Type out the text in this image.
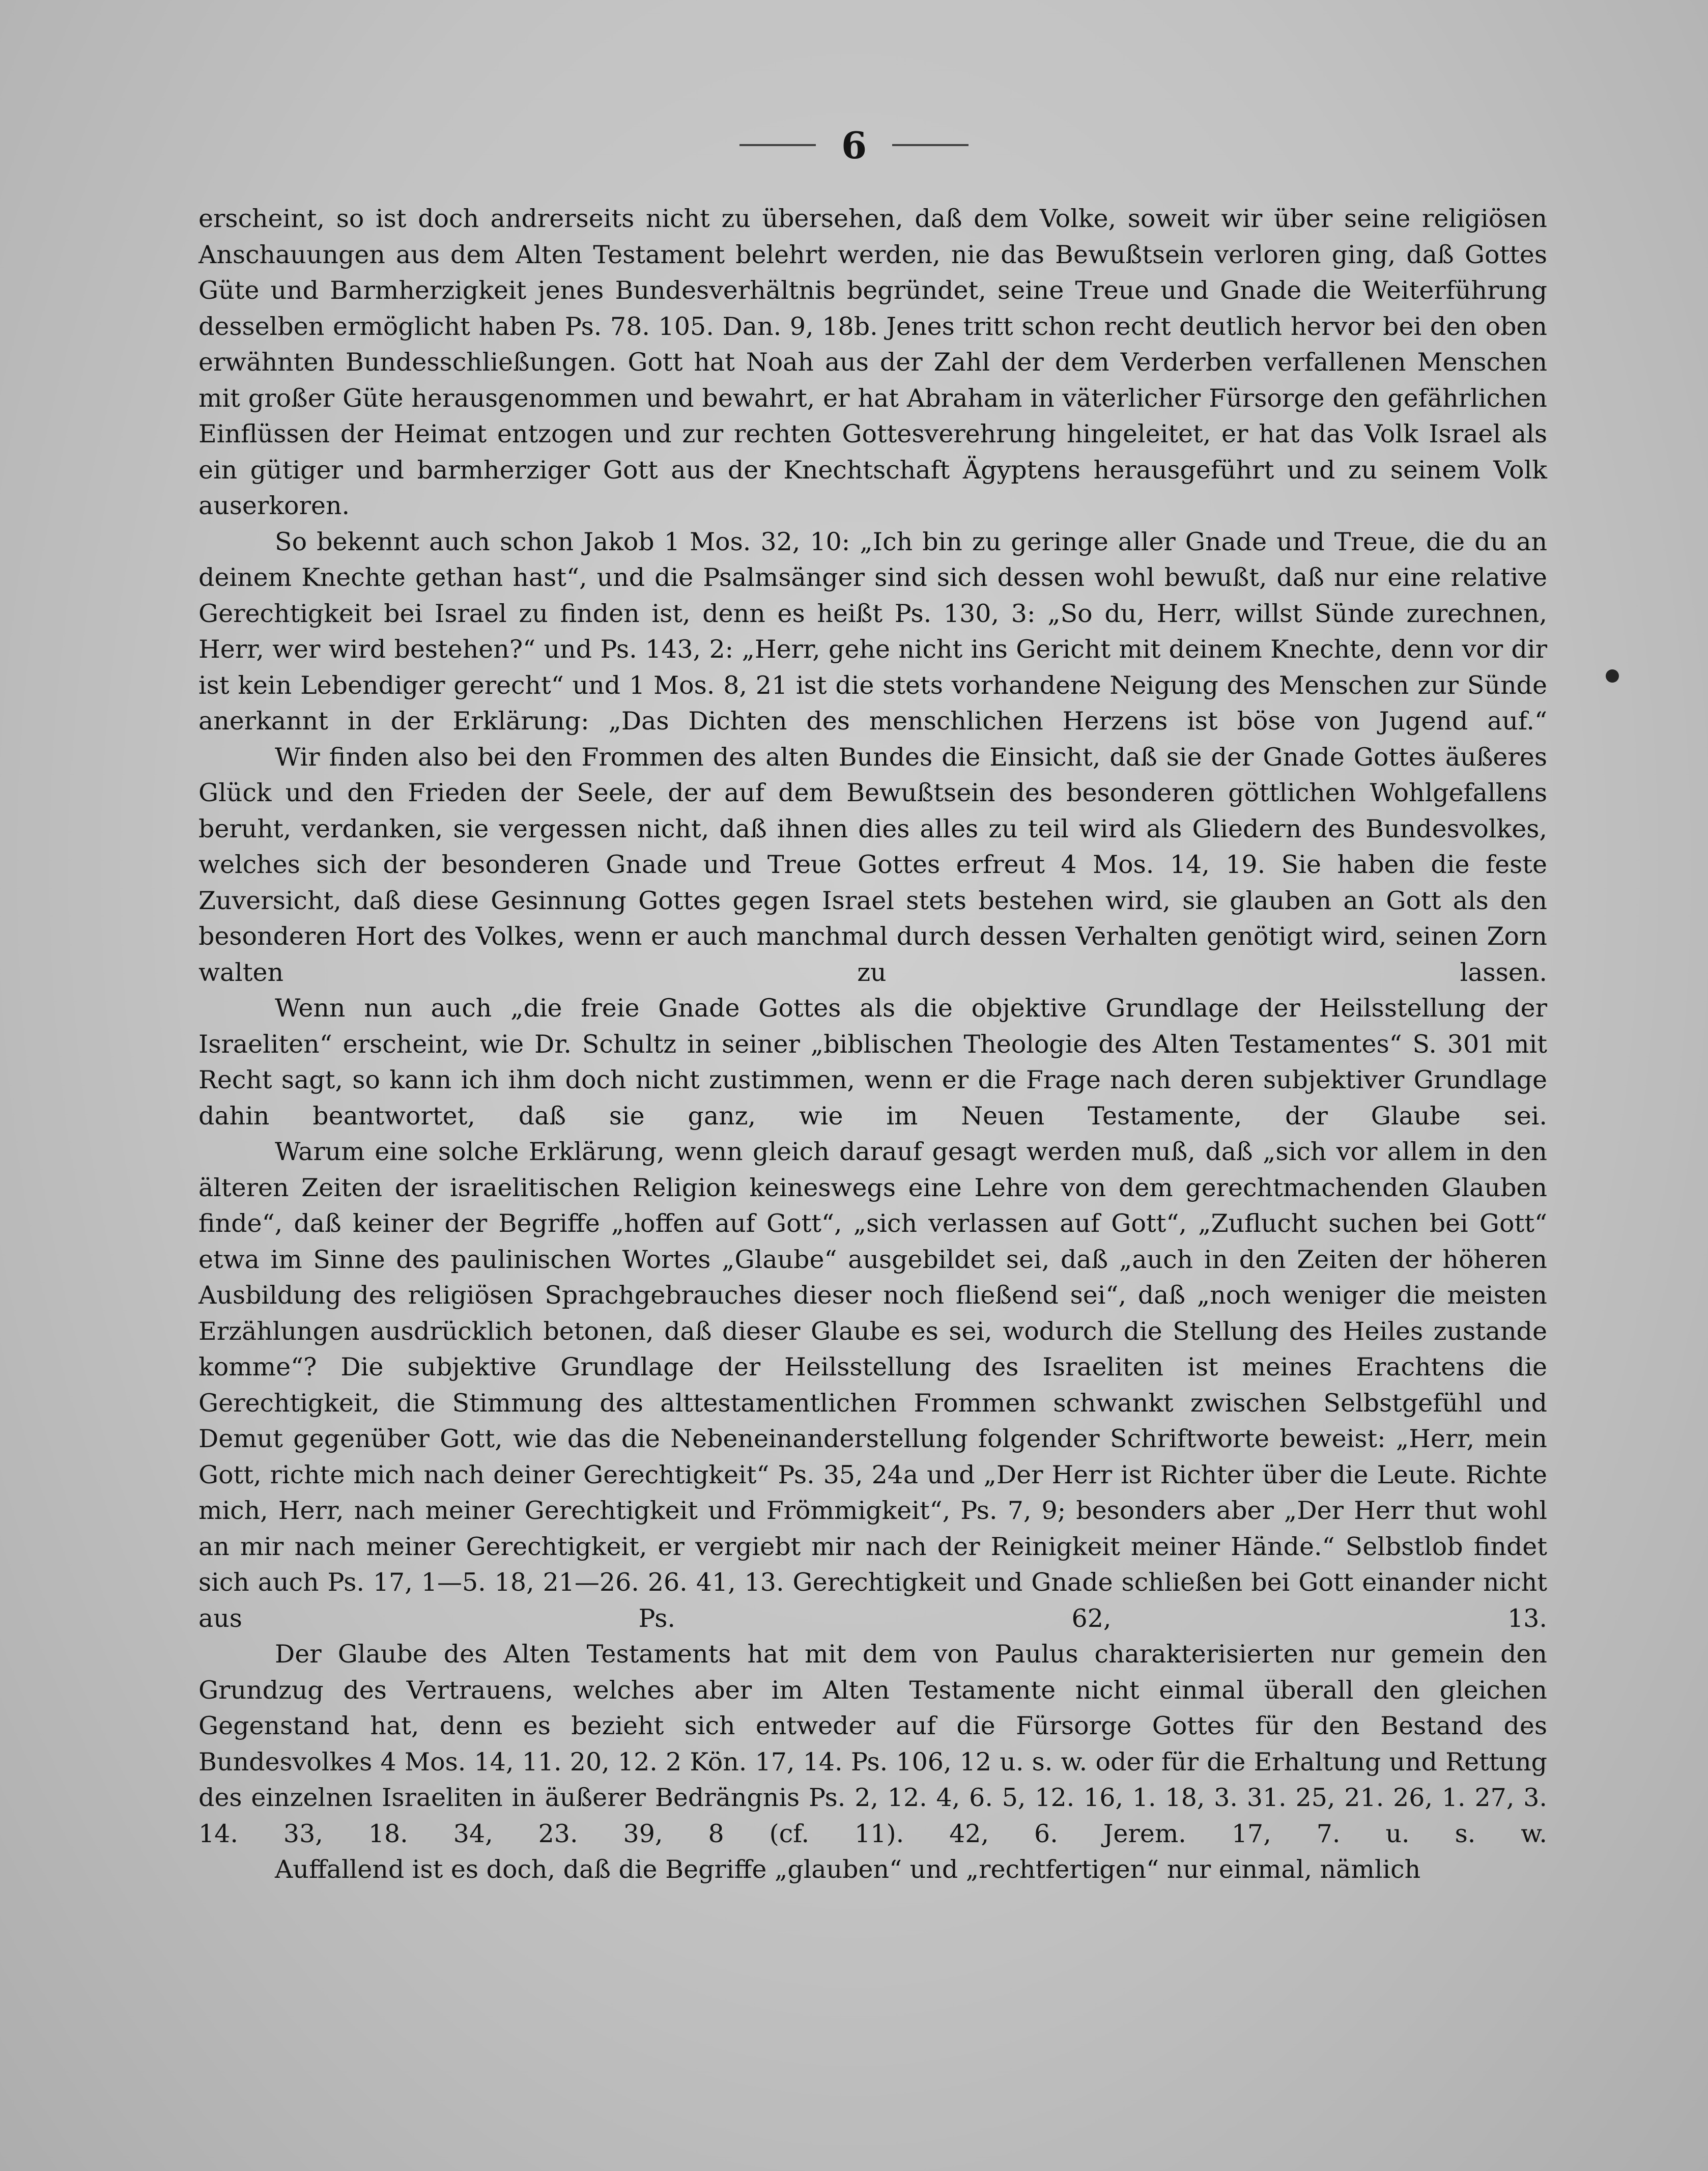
6

erscheint, so ist doch andrerseits nicht zu übersehen, daß dem Volke, soweit wir über seine religiösen Anschauungen aus dem Alten Testament belehrt werden, nie das Bewußtsein verloren ging, daß Gottes Güte und Barmherzigkeit jenes Bundesverhältnis begründet, seine Treue und Gnade die Weiterführung desselben ermöglicht haben Ps. 78. 105. Dan. 9, 18b. Jenes tritt schon recht deutlich hervor bei den oben erwähnten Bundesschließungen. Gott hat Noah aus der Zahl der dem Verderben verfallenen Menschen mit großer Güte herausgenommen und bewahrt, er hat Abraham in väterlicher Fürsorge den gefährlichen Einflüssen der Heimat entzogen und zur rechten Gottesverehrung hingeleitet, er hat das Volk Israel als ein gütiger und barmherziger Gott aus der Knechtschaft Ägyptens herausgeführt und zu seinem Volk auserkoren.

So bekennt auch schon Jakob 1 Mos. 32, 10: „Ich bin zu geringe aller Gnade und Treue, die du an deinem Knechte gethan hast“, und die Psalmsänger sind sich dessen wohl bewußt, daß nur eine relative Gerechtigkeit bei Israel zu finden ist, denn es heißt Ps. 130, 3: „So du, Herr, willst Sünde zurechnen, Herr, wer wird bestehen?“ und Ps. 143, 2: „Herr, gehe nicht ins Gericht mit deinem Knechte, denn vor dir ist kein Lebendiger gerecht“ und 1 Mos. 8, 21 ist die stets vorhandene Neigung des Menschen zur Sünde anerkannt in der Erklärung: „Das Dichten des menschlichen Herzens ist böse von Jugend auf.“

Wir finden also bei den Frommen des alten Bundes die Einsicht, daß sie der Gnade Gottes äußeres Glück und den Frieden der Seele, der auf dem Bewußtsein des besonderen göttlichen Wohlgefallens beruht, verdanken, sie vergessen nicht, daß ihnen dies alles zu teil wird als Gliedern des Bundesvolkes, welches sich der besonderen Gnade und Treue Gottes erfreut 4 Mos. 14, 19. Sie haben die feste Zuversicht, daß diese Gesinnung Gottes gegen Israel stets bestehen wird, sie glauben an Gott als den besonderen Hort des Volkes, wenn er auch manchmal durch dessen Verhalten genötigt wird, seinen Zorn walten zu lassen.

Wenn nun auch „die freie Gnade Gottes als die objektive Grundlage der Heilsstellung der Israeliten“ erscheint, wie Dr. Schultz in seiner „biblischen Theologie des Alten Testamentes“ S. 301 mit Recht sagt, so kann ich ihm doch nicht zustimmen, wenn er die Frage nach deren subjektiver Grundlage dahin beantwortet, daß sie ganz, wie im Neuen Testamente, der Glaube sei.

Warum eine solche Erklärung, wenn gleich darauf gesagt werden muß, daß „sich vor allem in den älteren Zeiten der israelitischen Religion keineswegs eine Lehre von dem gerechtmachenden Glauben finde“, daß keiner der Begriffe „hoffen auf Gott“, „sich verlassen auf Gott“, „Zuflucht suchen bei Gott“ etwa im Sinne des paulinischen Wortes „Glaube“ ausgebildet sei, daß „auch in den Zeiten der höheren Ausbildung des religiösen Sprachgebrauches dieser noch fließend sei“, daß „noch weniger die meisten Erzählungen ausdrücklich betonen, daß dieser Glaube es sei, wodurch die Stellung des Heiles zustande komme“? Die subjektive Grundlage der Heilsstellung des Israeliten ist meines Erachtens die Gerechtigkeit, die Stimmung des alttestamentlichen Frommen schwankt zwischen Selbstgefühl und Demut gegenüber Gott, wie das die Nebeneinanderstellung folgender Schriftworte beweist: „Herr, mein Gott, richte mich nach deiner Gerechtigkeit“ Ps. 35, 24a und „Der Herr ist Richter über die Leute. Richte mich, Herr, nach meiner Gerechtigkeit und Frömmigkeit“, Ps. 7, 9; besonders aber „Der Herr thut wohl an mir nach meiner Gerechtigkeit, er vergiebt mir nach der Reinigkeit meiner Hände.“ Selbstlob findet sich auch Ps. 17, 1—5. 18, 21—26. 26. 41, 13. Gerechtigkeit und Gnade schließen bei Gott einander nicht aus Ps. 62, 13.

Der Glaube des Alten Testaments hat mit dem von Paulus charakterisierten nur gemein den Grundzug des Vertrauens, welches aber im Alten Testamente nicht einmal überall den gleichen Gegenstand hat, denn es bezieht sich entweder auf die Fürsorge Gottes für den Bestand des Bundesvolkes 4 Mos. 14, 11. 20, 12. 2 Kön. 17, 14. Ps. 106, 12 u. s. w. oder für die Erhaltung und Rettung des einzelnen Israeliten in äußerer Bedrängnis Ps. 2, 12. 4, 6. 5, 12. 16, 1. 18, 3. 31. 25, 21. 26, 1. 27, 3. 14. 33, 18. 34, 23. 39, 8 (cf. 11). 42, 6. Jerem. 17, 7. u. s. w.

Auffallend ist es doch, daß die Begriffe „glauben“ und „rechtfertigen“ nur einmal, nämlich
